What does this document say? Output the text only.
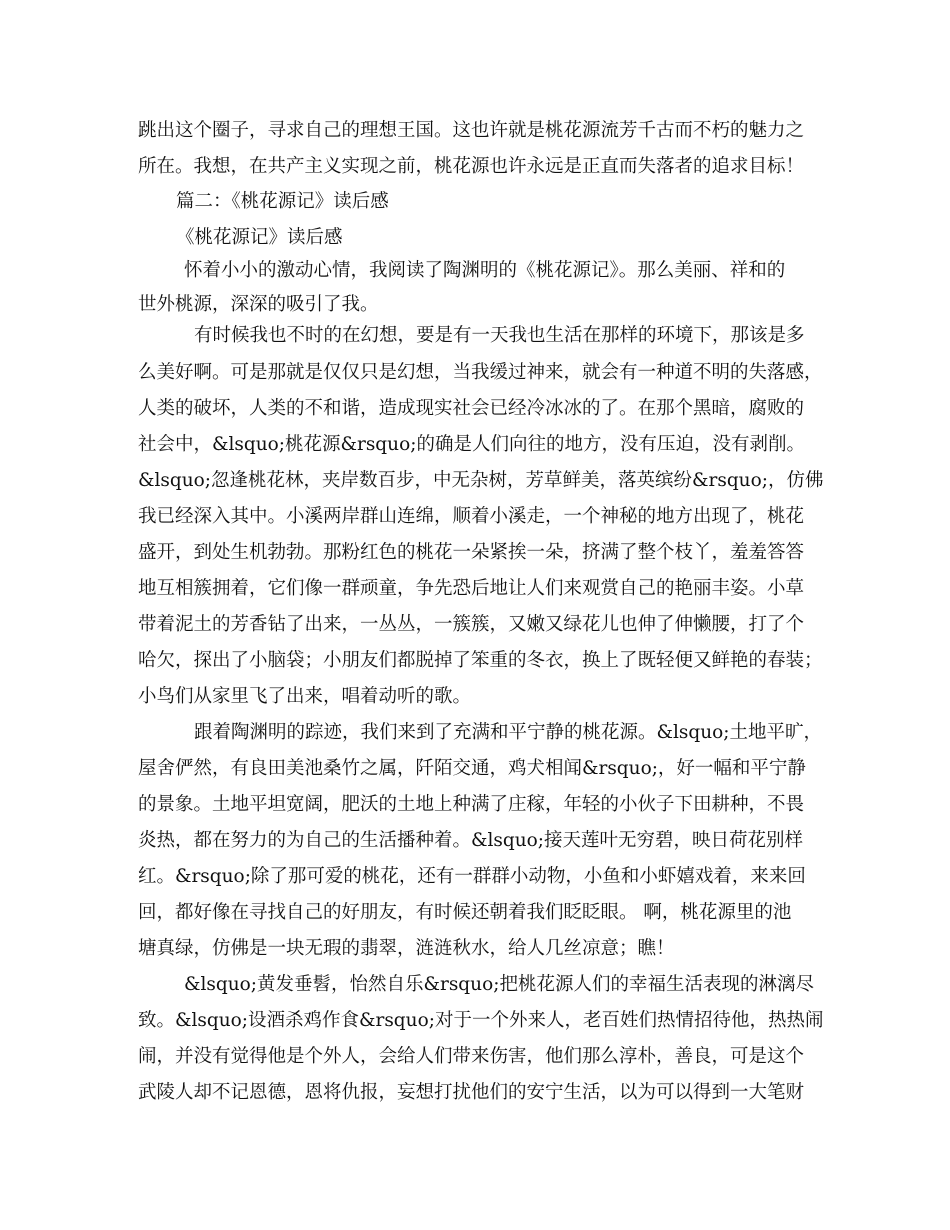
跳出这个圈子，寻求自己的理想王国。这也许就是桃花源流芳千古而不朽的魅力之
所在。我想，在共产主义实现之前，桃花源也许永远是正直而失落者的追求目标！
篇二：《桃花源记》读后感
《桃花源记》读后感
怀着小小的激动心情，我阅读了陶渊明的《桃花源记》。那么美丽、祥和的
世外桃源，深深的吸引了我。
有时候我也不时的在幻想，要是有一天我也生活在那样的环境下，那该是多
么美好啊。可是那就是仅仅只是幻想，当我缓过神来，就会有一种道不明的失落感，
人类的破坏，人类的不和谐，造成现实社会已经冷冰冰的了。在那个黑暗，腐败的
社会中，&lsquo;桃花源&rsquo;的确是人们向往的地方，没有压迫，没有剥削。
&lsquo;忽逢桃花林，夹岸数百步，中无杂树，芳草鲜美，落英缤纷&rsquo;，仿佛
我已经深入其中。小溪两岸群山连绵，顺着小溪走，一个神秘的地方出现了，桃花
盛开，到处生机勃勃。那粉红色的桃花一朵紧挨一朵，挤满了整个枝丫，羞羞答答
地互相簇拥着，它们像一群顽童，争先恐后地让人们来观赏自己的艳丽丰姿。小草
带着泥土的芳香钻了出来，一丛丛，一簇簇，又嫩又绿花儿也伸了伸懒腰，打了个
哈欠，探出了小脑袋；小朋友们都脱掉了笨重的冬衣，换上了既轻便又鲜艳的春装；
小鸟们从家里飞了出来，唱着动听的歌。
跟着陶渊明的踪迹，我们来到了充满和平宁静的桃花源。&lsquo;土地平旷，
屋舍俨然，有良田美池桑竹之属，阡陌交通，鸡犬相闻&rsquo;，好一幅和平宁静
的景象。土地平坦宽阔，肥沃的土地上种满了庄稼，年轻的小伙子下田耕种，不畏
炎热，都在努力的为自己的生活播种着。&lsquo;接天莲叶无穷碧，映日荷花别样
红。&rsquo;除了那可爱的桃花，还有一群群小动物，小鱼和小虾嬉戏着，来来回
回，都好像在寻找自己的好朋友，有时候还朝着我们眨眨眼。 啊，桃花源里的池
塘真绿，仿佛是一块无瑕的翡翠，涟涟秋水，给人几丝凉意；瞧！
&lsquo;黄发垂髫，怡然自乐&rsquo;把桃花源人们的幸福生活表现的淋漓尽
致。&lsquo;设酒杀鸡作食&rsquo;对于一个外来人，老百姓们热情招待他，热热闹
闹，并没有觉得他是个外人，会给人们带来伤害，他们那么淳朴，善良，可是这个
武陵人却不记恩德，恩将仇报，妄想打扰他们的安宁生活，以为可以得到一大笔财
